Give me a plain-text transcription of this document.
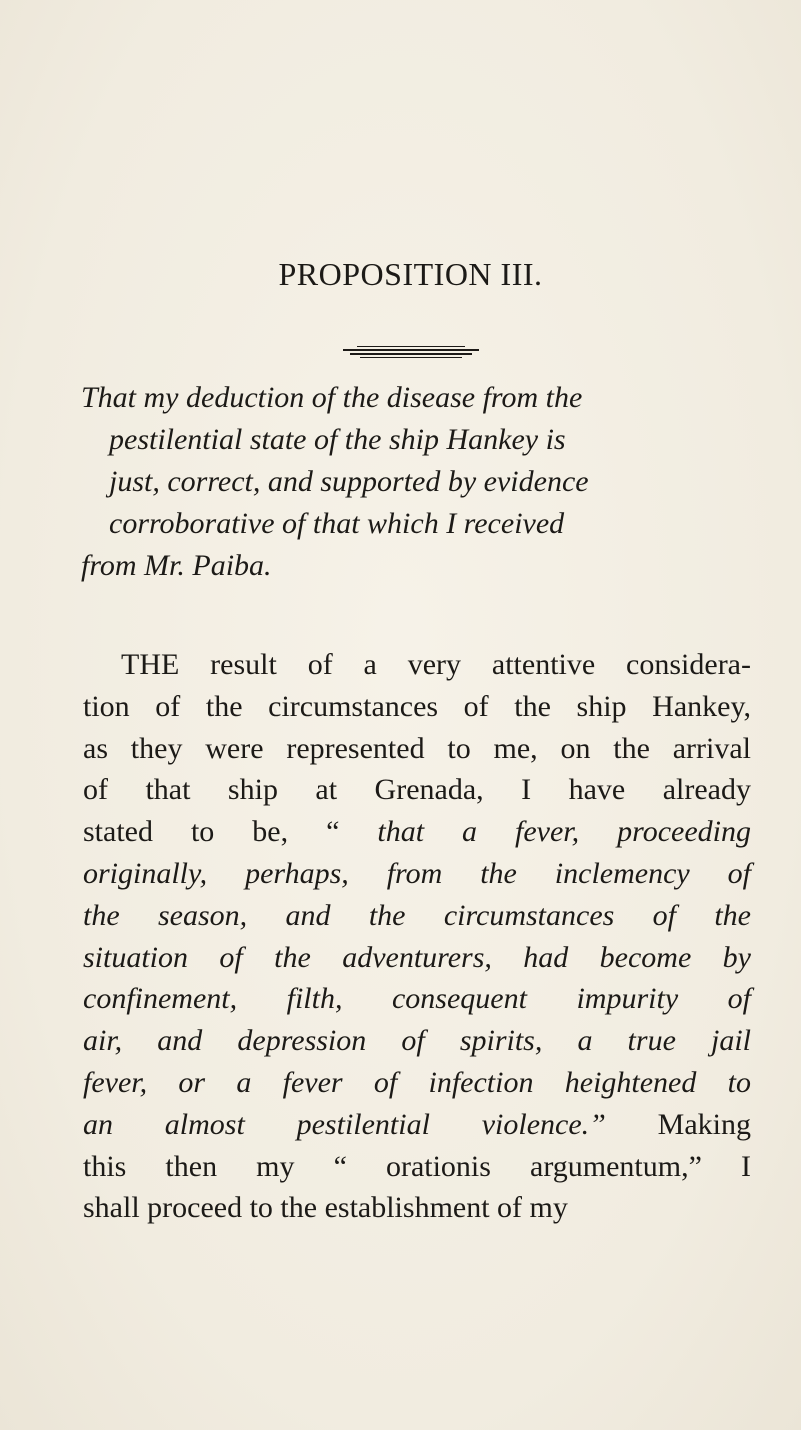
PROPOSITION III.
That my deduction of the disease from the
pestilential state of the ship Hankey is
just, correct, and supported by evidence
corroborative of that which I received
from Mr. Paiba.
THE result of a very attentive considera-
tion of the circumstances of the ship Hankey,
as they were represented to me, on the arrival
of that ship at Grenada, I have already
stated to be, “ that a fever, proceeding
originally, perhaps, from the inclemency of
the season, and the circumstances of the
situation of the adventurers, had become by
confinement, filth, consequent impurity of
air, and depression of spirits, a true jail
fever, or a fever of infection heightened to
an almost pestilential violence.” Making
this then my “ orationis argumentum,” I
shall proceed to the establishment of my
